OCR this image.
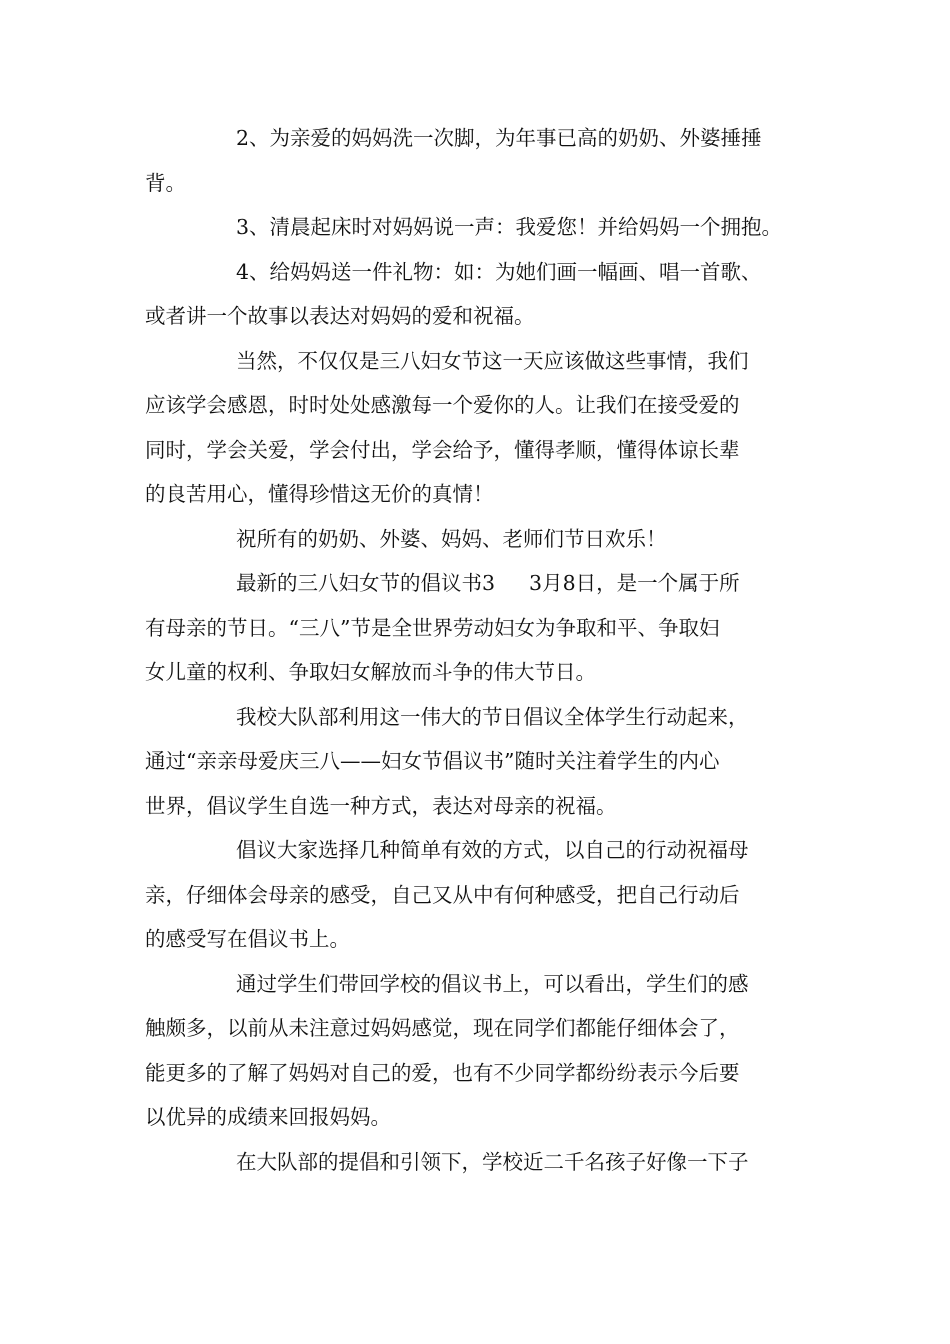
2、为亲爱的妈妈洗一次脚，为年事已高的奶奶、外婆捶捶
背。
3、清晨起床时对妈妈说一声：我爱您！并给妈妈一个拥抱。
4、给妈妈送一件礼物：如：为她们画一幅画、唱一首歌、
或者讲一个故事以表达对妈妈的爱和祝福。
当然，不仅仅是三八妇女节这一天应该做这些事情，我们
应该学会感恩，时时处处感激每一个爱你的人。让我们在接受爱的
同时，学会关爱，学会付出，学会给予，懂得孝顺，懂得体谅长辈
的良苦用心，懂得珍惜这无价的真情！
祝所有的奶奶、外婆、妈妈、老师们节日欢乐！
最新的三八妇女节的倡议书3 3月8日，是一个属于所
有母亲的节日。“三八”节是全世界劳动妇女为争取和平、争取妇
女儿童的权利、争取妇女解放而斗争的伟大节日。
我校大队部利用这一伟大的节日倡议全体学生行动起来，
通过“亲亲母爱庆三八——妇女节倡议书”随时关注着学生的内心
世界，倡议学生自选一种方式，表达对母亲的祝福。
倡议大家选择几种简单有效的方式，以自己的行动祝福母
亲，仔细体会母亲的感受，自己又从中有何种感受，把自己行动后
的感受写在倡议书上。
通过学生们带回学校的倡议书上，可以看出，学生们的感
触颇多，以前从未注意过妈妈感觉，现在同学们都能仔细体会了，
能更多的了解了妈妈对自己的爱，也有不少同学都纷纷表示今后要
以优异的成绩来回报妈妈。
在大队部的提倡和引领下，学校近二千名孩子好像一下子
